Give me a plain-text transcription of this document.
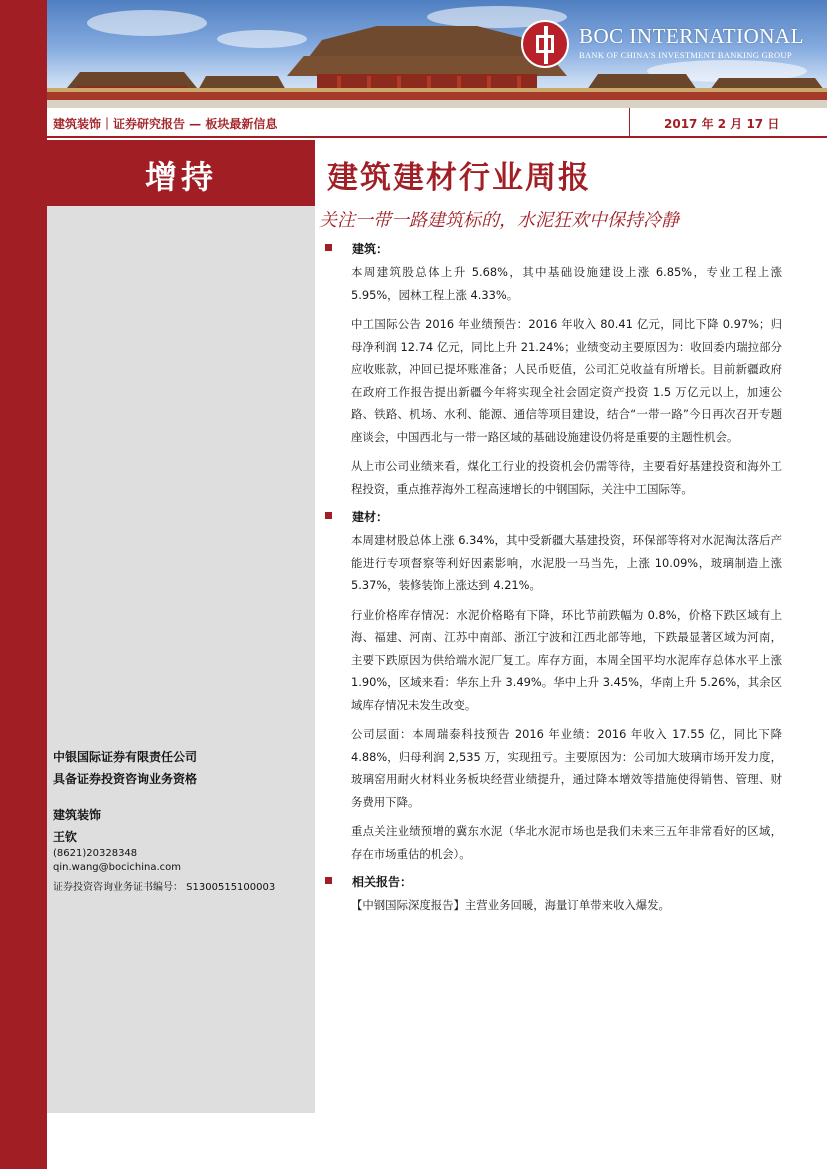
BOC INTERNATIONAL
BANK OF CHINA'S INVESTMENT BANKING GROUP
建筑装饰｜证券研究报告 — 板块最新信息	2017 年 2 月 17 日
增持
中银国际证券有限责任公司
具备证券投资咨询业务资格
建筑装饰
王钦
(8621)20328348
qin.wang@bocichina.com
证券投资咨询业务证书编号： S1300515100003
建筑建材行业周报
关注一带一路建筑标的，水泥狂欢中保持冷静
建筑：

本周建筑股总体上升 5.68%，其中基础设施建设上涨 6.85%，专业工程上涨 5.95%，园林工程上涨 4.33%。

中工国际公告 2016 年业绩预告：2016 年收入 80.41 亿元，同比下降 0.97%；归母净利润 12.74 亿元，同比上升 21.24%；业绩变动主要原因为：收回委内瑞拉部分应收账款，冲回已提坏账准备；人民币贬值，公司汇兑收益有所增长。目前新疆政府在政府工作报告提出新疆今年将实现全社会固定资产投资 1.5 万亿元以上，加速公路、铁路、机场、水利、能源、通信等项目建设，结合“一带一路”今日再次召开专题座谈会，中国西北与一带一路区域的基础设施建设仍将是重要的主题性机会。

从上市公司业绩来看，煤化工行业的投资机会仍需等待，主要看好基建投资和海外工程投资，重点推荐海外工程高速增长的中钢国际，关注中工国际等。

建材：

本周建材股总体上涨 6.34%，其中受新疆大基建投资，环保部等将对水泥淘汰落后产能进行专项督察等利好因素影响，水泥股一马当先，上涨 10.09%，玻璃制造上涨 5.37%，装修装饰上涨达到 4.21%。

行业价格库存情况：水泥价格略有下降，环比节前跌幅为 0.8%，价格下跌区域有上海、福建、河南、江苏中南部、浙江宁波和江西北部等地，下跌最显著区域为河南，主要下跌原因为供给端水泥厂复工。库存方面，本周全国平均水泥库存总体水平上涨 1.90%，区域来看：华东上升 3.49%。华中上升 3.45%，华南上升 5.26%，其余区域库存情况未发生改变。

公司层面：本周瑞泰科技预告 2016 年业绩：2016 年收入 17.55 亿，同比下降 4.88%，归母利润 2,535 万，实现扭亏。主要原因为：公司加大玻璃市场开发力度，玻璃窑用耐火材料业务板块经营业绩提升，通过降本增效等措施使得销售、管理、财务费用下降。

重点关注业绩预增的冀东水泥（华北水泥市场也是我们未来三五年非常看好的区域，存在市场重估的机会）。

相关报告：

【中钢国际深度报告】主营业务回暖，海量订单带来收入爆发。
